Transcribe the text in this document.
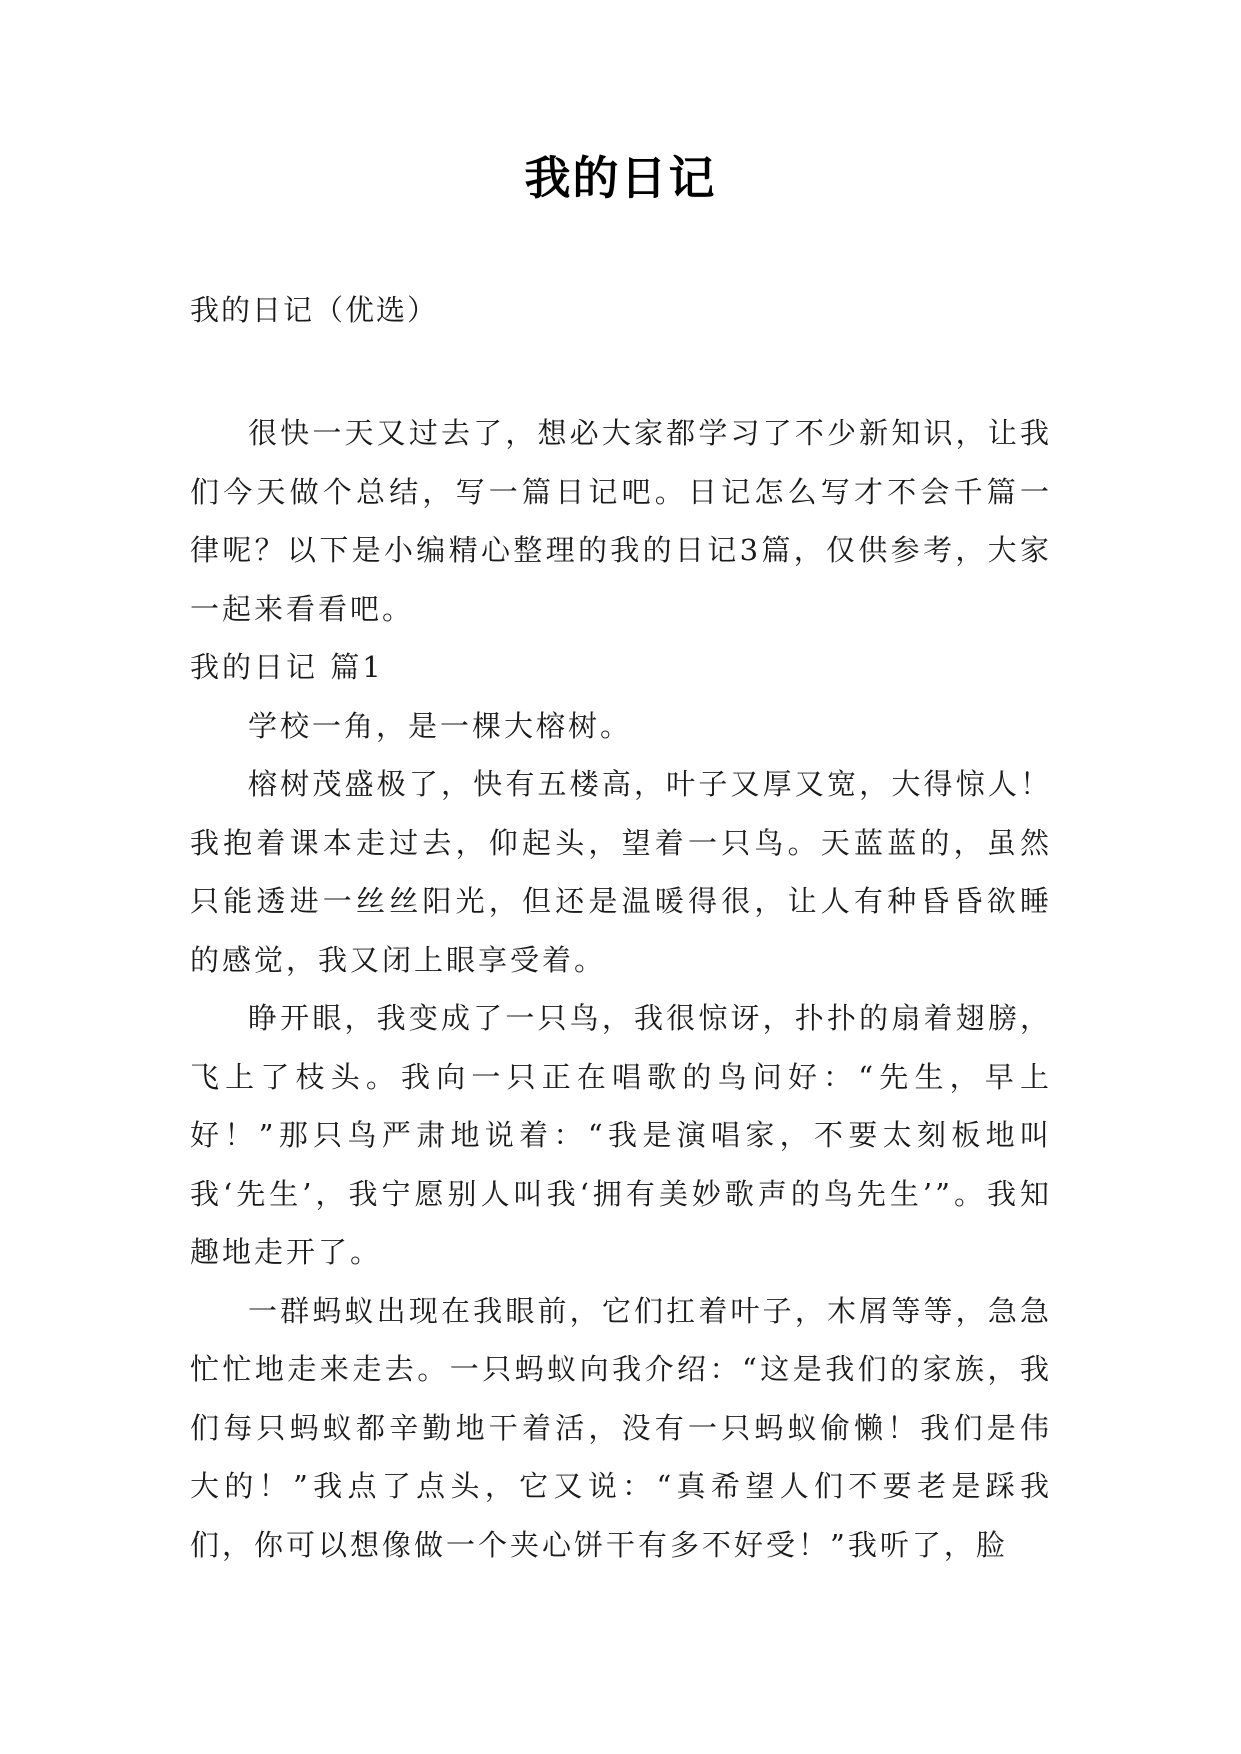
我的日记
我的日记（优选）

很快一天又过去了，想必大家都学习了不少新知识，让我们今天做个总结，写一篇日记吧。日记怎么写才不会千篇一律呢？以下是小编精心整理的我的日记3篇，仅供参考，大家一起来看看吧。

我的日记 篇1

学校一角，是一棵大榕树。

榕树茂盛极了，快有五楼高，叶子又厚又宽，大得惊人！我抱着课本走过去，仰起头，望着一只鸟。天蓝蓝的，虽然只能透进一丝丝阳光，但还是温暖得很，让人有种昏昏欲睡的感觉，我又闭上眼享受着。

睁开眼，我变成了一只鸟，我很惊讶，扑扑的扇着翅膀，飞上了枝头。我向一只正在唱歌的鸟问好：“先生，早上好！”那只鸟严肃地说着：“我是演唱家，不要太刻板地叫我‘先生’，我宁愿别人叫我‘拥有美妙歌声的鸟先生’”。我知趣地走开了。

一群蚂蚁出现在我眼前，它们扛着叶子，木屑等等，急急忙忙地走来走去。一只蚂蚁向我介绍：“这是我们的家族，我们每只蚂蚁都辛勤地干着活，没有一只蚂蚁偷懒！我们是伟大的！”我点了点头，它又说：“真希望人们不要老是踩我们，你可以想像做一个夹心饼干有多不好受！”我听了，脸
